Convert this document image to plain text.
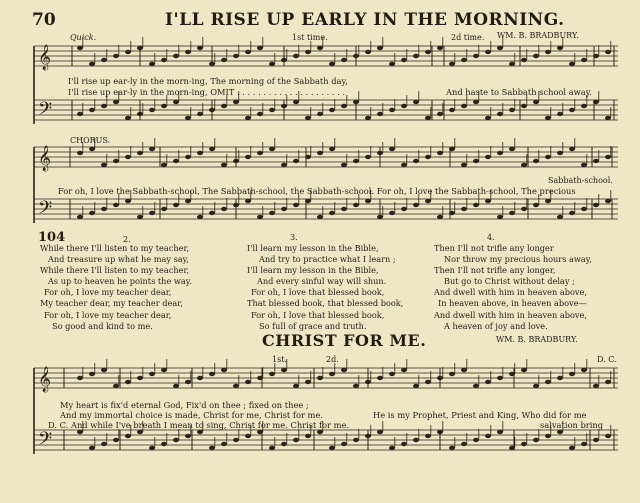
𝄞
𝄢
𝄞
𝄢
𝄞
𝄢
70	I'LL RISE UP EARLY IN THE MORNING.
WM. B. BRADBURY.
Quick.	1st time.	2d time.
I'll rise up ear-ly in the morn-ing, The morning of the Sabbath day,
I'll rise up ear-ly in the morn-ing, OMIT . . . . . . . . . . . . . . . . . . . . .	And haste to Sabbath school away.
CHORUS.
Sabbath-school.
For oh, I love the Sabbath-school, The Sabbath-school, the Sabbath-school. For oh, I love the Sabbath-school, The precious
104	2.	3.	4.
While there I'll listen to my teacher,
And treasure up what he may say,
While there I'll listen to my teacher,
As up to heaven he points the way.
For oh, I love my teacher dear,
My teacher dear, my teacher dear,
For oh, I love my teacher dear,
So good and kind to me.
I'll learn my lesson in the Bible,
And try to practice what I learn ;
I'll learn my lesson in the Bible,
And every sinful way will shun.
For oh, I love that blessed book,
That blessed book, that blessed book,
For oh, I love that blessed book,
So full of grace and truth.
Then I'll not trifle any longer
Nor throw my precious hours away,
Then I'll not trifle any longer,
But go to Christ without delay ;
And dwell with him in heaven above,
In heaven above, in heaven above—
And dwell with him in heaven above,
A heaven of joy and love.
CHRIST FOR ME.	WM. B. BRADBURY.
1st.	2d.	D. C.
My heart is fix'd eternal God, Fix'd on thee ; fixed on thee ;
And my immortal choice is made, Christ for me, Christ for me.	He is my Prophet, Priest and King, Who did for me
salvation bring
D. C. And while I've breath I mean to sing, Christ for me. Christ for me.
